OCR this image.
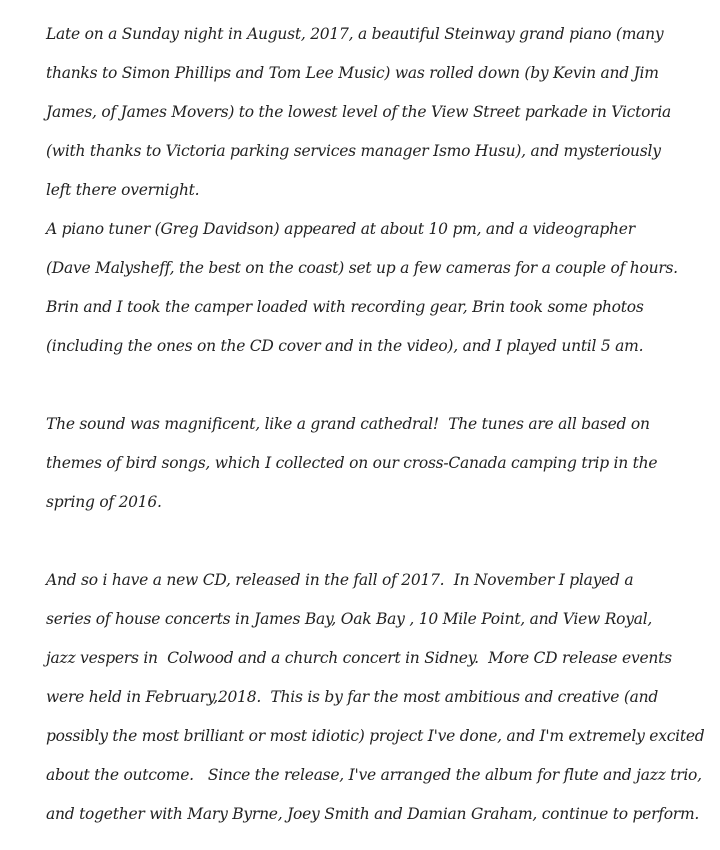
Late on a Sunday night in August, 2017, a beautiful Steinway grand piano (many
thanks to Simon Phillips and Tom Lee Music) was rolled down (by Kevin and Jim
James, of James Movers) to the lowest level of the View Street parkade in Victoria
(with thanks to Victoria parking services manager Ismo Husu), and mysteriously
left there overnight.
A piano tuner (Greg Davidson) appeared at about 10 pm, and a videographer
(Dave Malysheff, the best on the coast) set up a few cameras for a couple of hours.
Brin and I took the camper loaded with recording gear, Brin took some photos
(including the ones on the CD cover and in the video), and I played until 5 am.
The sound was magnificent, like a grand cathedral!  The tunes are all based on
themes of bird songs, which I collected on our cross-Canada camping trip in the
spring of 2016.
And so i have a new CD, released in the fall of 2017.  In November I played a
series of house concerts in James Bay, Oak Bay , 10 Mile Point, and View Royal,
jazz vespers in  Colwood and a church concert in Sidney.  More CD release events
were held in February,2018.  This is by far the most ambitious and creative (and
possibly the most brilliant or most idiotic) project I've done, and I'm extremely excited
about the outcome.   Since the release, I've arranged the album for flute and jazz trio,
and together with Mary Byrne, Joey Smith and Damian Graham, continue to perform.
